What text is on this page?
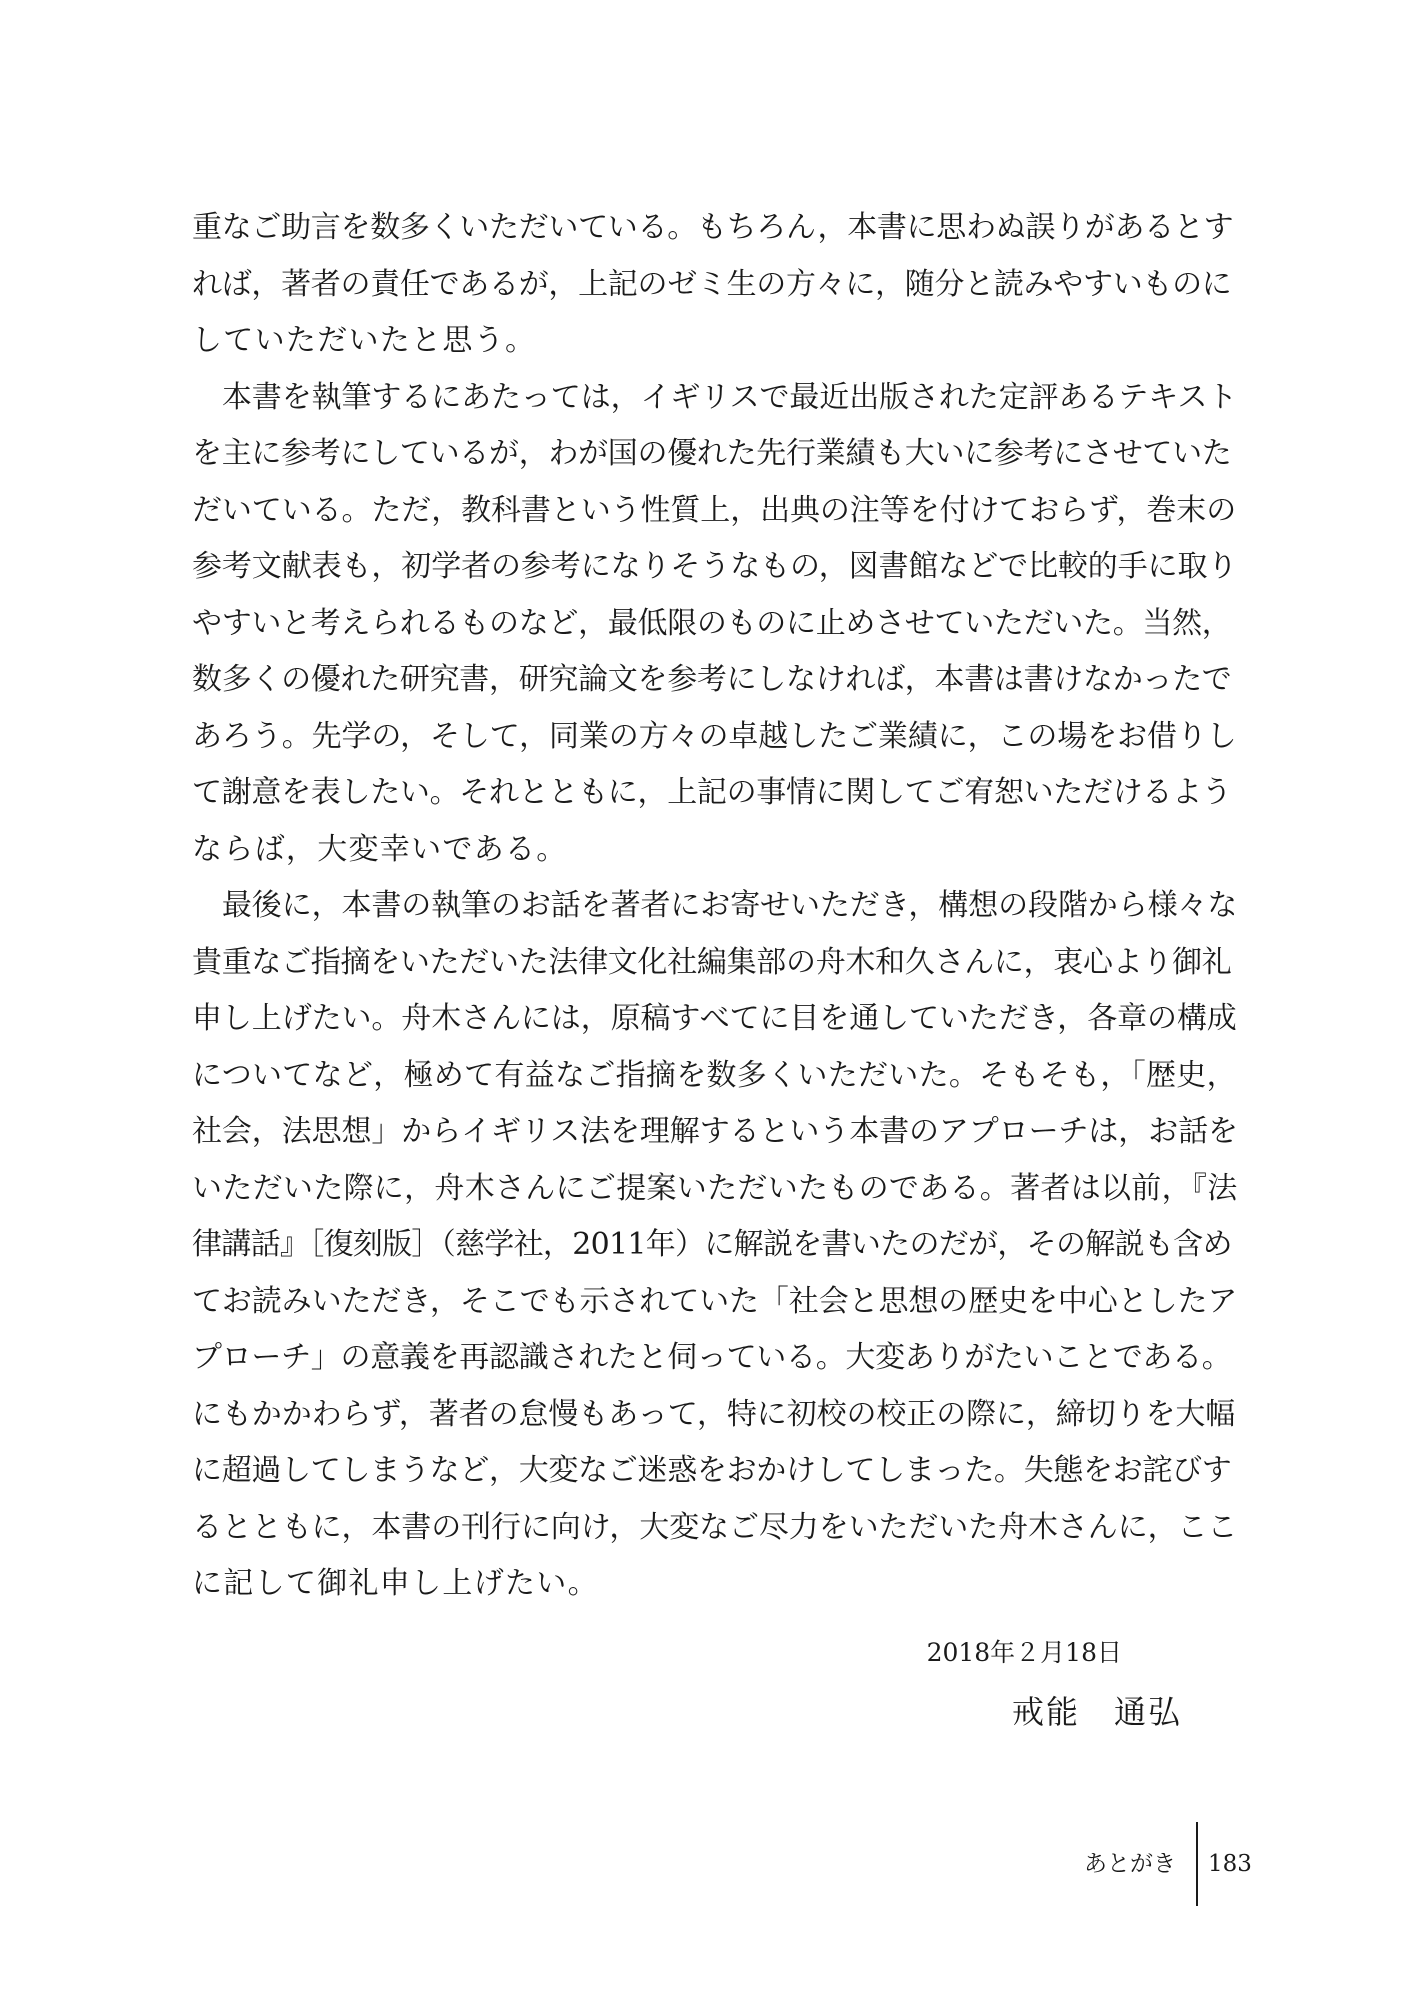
重なご助言を数多くいただいている。もちろん，本書に思わぬ誤りがあるとす
れば，著者の責任であるが，上記のゼミ生の方々に，随分と読みやすいものに
していただいたと思う。
　本書を執筆するにあたっては，イギリスで最近出版された定評あるテキスト
を主に参考にしているが，わが国の優れた先行業績も大いに参考にさせていた
だいている。ただ，教科書という性質上，出典の注等を付けておらず，巻末の
参考文献表も，初学者の参考になりそうなもの，図書館などで比較的手に取り
やすいと考えられるものなど，最低限のものに止めさせていただいた。当然，
数多くの優れた研究書，研究論文を参考にしなければ，本書は書けなかったで
あろう。先学の，そして，同業の方々の卓越したご業績に，この場をお借りし
て謝意を表したい。それとともに，上記の事情に関してご宥恕いただけるよう
ならば，大変幸いである。
　最後に，本書の執筆のお話を著者にお寄せいただき，構想の段階から様々な
貴重なご指摘をいただいた法律文化社編集部の舟木和久さんに，衷心より御礼
申し上げたい。舟木さんには，原稿すべてに目を通していただき，各章の構成
についてなど，極めて有益なご指摘を数多くいただいた。そもそも，「歴史，
社会，法思想」からイギリス法を理解するという本書のアプローチは，お話を
いただいた際に，舟木さんにご提案いただいたものである。著者は以前，『法
律講話』［復刻版］（慈学社，2011年）に解説を書いたのだが，その解説も含め
てお読みいただき，そこでも示されていた「社会と思想の歴史を中心としたア
プローチ」の意義を再認識されたと伺っている。大変ありがたいことである。
にもかかわらず，著者の怠慢もあって，特に初校の校正の際に，締切りを大幅
に超過してしまうなど，大変なご迷惑をおかけしてしまった。失態をお詫びす
るとともに，本書の刊行に向け，大変なご尽力をいただいた舟木さんに，ここ
に記して御礼申し上げたい。
2018年２月18日
戒能　通弘
あとがき 183
